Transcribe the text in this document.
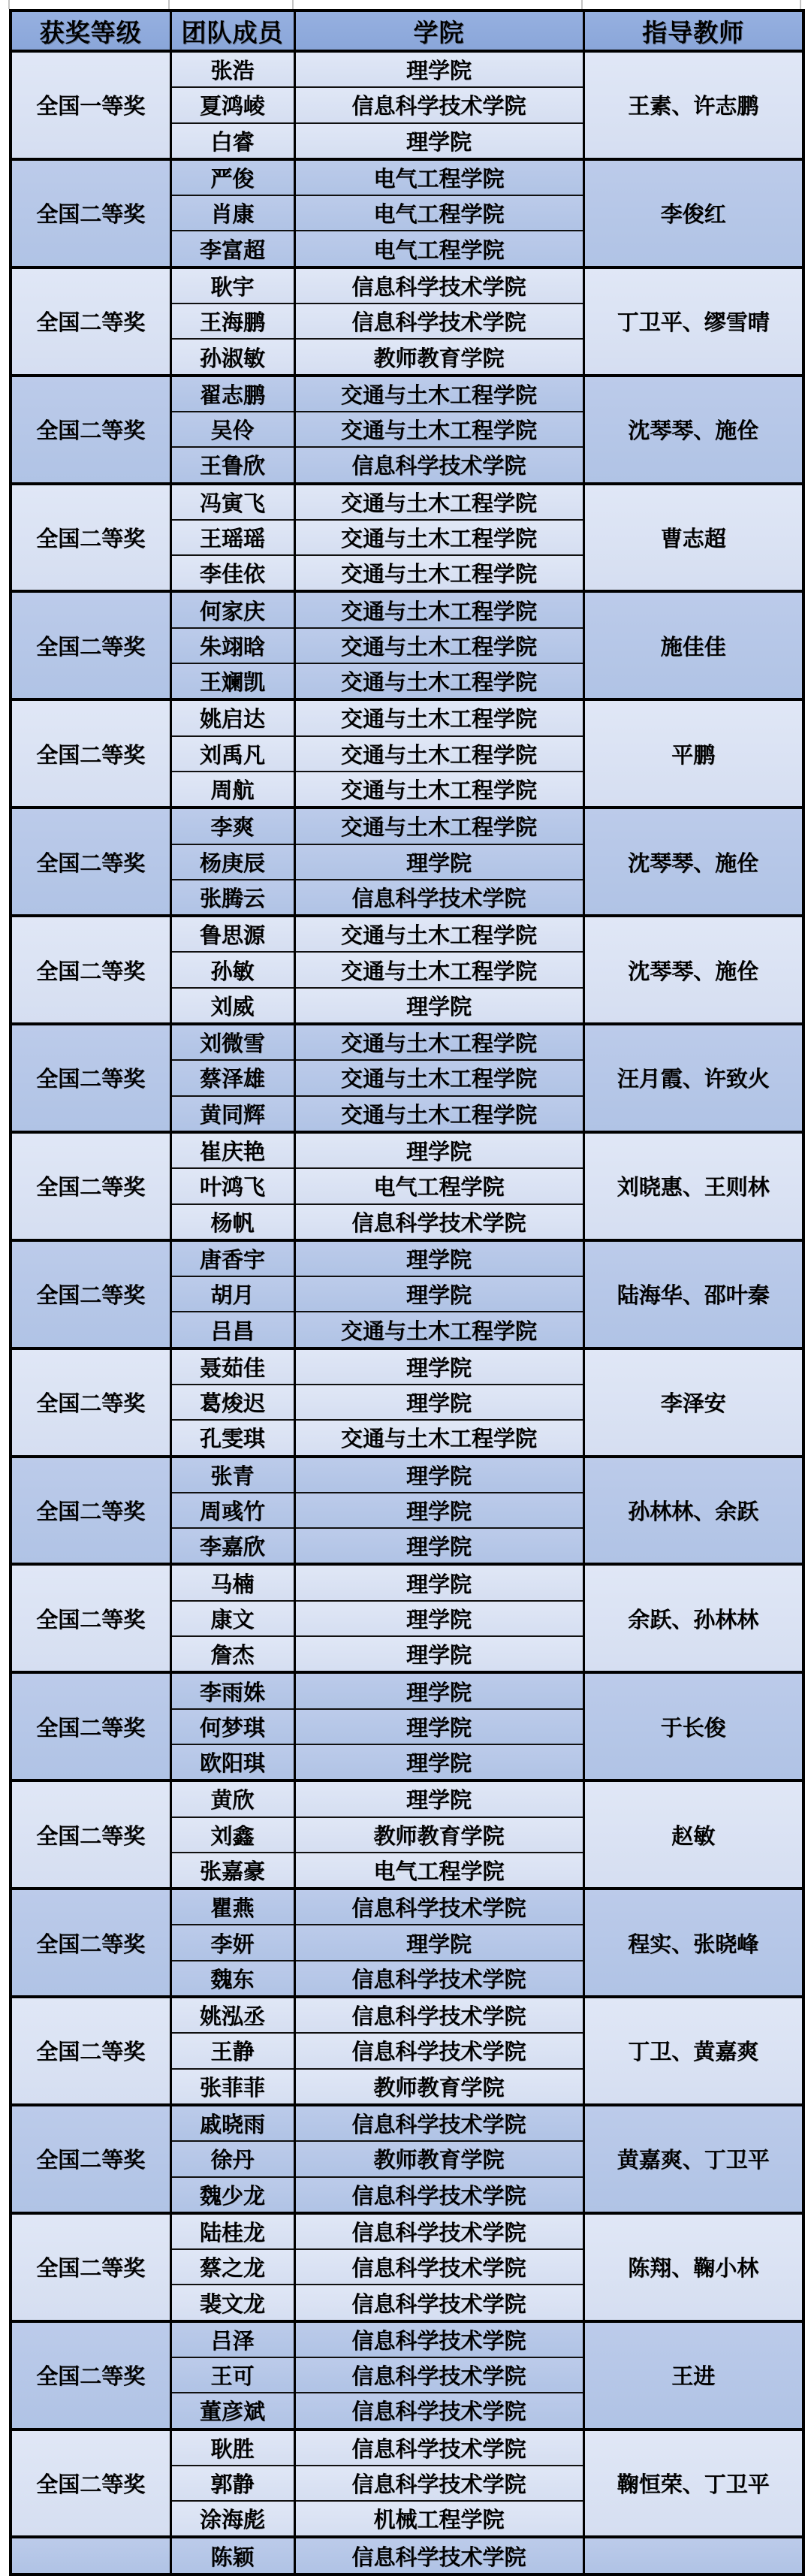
获奖等级	团队成员	学院	指导教师
全国一等奖	张浩	理学院	王素、许志鹏
	夏鸿崚	信息科学技术学院	
	白睿	理学院	
全国二等奖	严俊	电气工程学院	李俊红
	肖康	电气工程学院	
	李富超	电气工程学院	
全国二等奖	耿宇	信息科学技术学院	丁卫平、缪雪晴
	王海鹏	信息科学技术学院	
	孙淑敏	教师教育学院	
全国二等奖	翟志鹏	交通与土木工程学院	沈琴琴、施佺
	吴伶	交通与土木工程学院	
	王鲁欣	信息科学技术学院	
全国二等奖	冯寅飞	交通与土木工程学院	曹志超
	王瑶瑶	交通与土木工程学院	
	李佳依	交通与土木工程学院	
全国二等奖	何家庆	交通与土木工程学院	施佳佳
	朱翊晗	交通与土木工程学院	
	王斓凯	交通与土木工程学院	
全国二等奖	姚启达	交通与土木工程学院	平鹏
	刘禹凡	交通与土木工程学院	
	周航	交通与土木工程学院	
全国二等奖	李爽	交通与土木工程学院	沈琴琴、施佺
	杨庚辰	理学院	
	张腾云	信息科学技术学院	
全国二等奖	鲁思源	交通与土木工程学院	沈琴琴、施佺
	孙敏	交通与土木工程学院	
	刘威	理学院	
全国二等奖	刘微雪	交通与土木工程学院	汪月霞、许致火
	蔡泽雄	交通与土木工程学院	
	黄同辉	交通与土木工程学院	
全国二等奖	崔庆艳	理学院	刘晓惠、王则林
	叶鸿飞	电气工程学院	
	杨帆	信息科学技术学院	
全国二等奖	唐香宇	理学院	陆海华、邵叶秦
	胡月	理学院	
	吕昌	交通与土木工程学院	
全国二等奖	聂茹佳	理学院	李泽安
	葛焌迟	理学院	
	孔雯琪	交通与土木工程学院	
全国二等奖	张青	理学院	孙林林、余跃
	周彧竹	理学院	
	李嘉欣	理学院	
全国二等奖	马楠	理学院	余跃、孙林林
	康文	理学院	
	詹杰	理学院	
全国二等奖	李雨姝	理学院	于长俊
	何梦琪	理学院	
	欧阳琪	理学院	
全国二等奖	黄欣	理学院	赵敏
	刘鑫	教师教育学院	
	张嘉豪	电气工程学院	
全国二等奖	瞿燕	信息科学技术学院	程实、张晓峰
	李妍	理学院	
	魏东	信息科学技术学院	
全国二等奖	姚泓丞	信息科学技术学院	丁卫、黄嘉爽
	王静	信息科学技术学院	
	张菲菲	教师教育学院	
全国二等奖	戚晓雨	信息科学技术学院	黄嘉爽、丁卫平
	徐丹	教师教育学院	
	魏少龙	信息科学技术学院	
全国二等奖	陆桂龙	信息科学技术学院	陈翔、鞠小林
	蔡之龙	信息科学技术学院	
	裴文龙	信息科学技术学院	
全国二等奖	吕泽	信息科学技术学院	王进
	王可	信息科学技术学院	
	董彦斌	信息科学技术学院	
全国二等奖	耿胜	信息科学技术学院	鞠恒荣、丁卫平
	郭静	信息科学技术学院	
	涂海彪	机械工程学院	
	陈颖	信息科学技术学院	
